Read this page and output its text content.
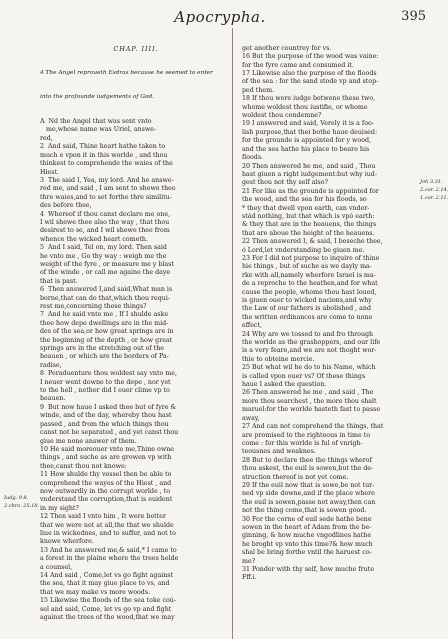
Apocrypha.	395

CHAP. IIII.

4 The Angel reproueth Esdras because he seemed to enter

into the profounde iudgements of God.

A  Nd the Angel that was sent vnto
me,whose name was Uriel, answe-
red,
2  And said, Thine heart hathe taken to
much e vpon it in this worlde , and thou
thinkest to comprehende the waies of the
Hiest.
3  The said I, Yea, my lord. And he answe-
red me, and said , I am sent to shewe thee
thre waies,and to set forthe thre similitu-
des before thee,
4  Whereof if thou canst declare me one,
I wil shewe thee also the way , that thou
desirest to se, and I wil shewe thee from
whence the wicked heart cometh.
5  And I said, Tel on, my lord. Then said
he vnto me , Go thy way : weigh me the
weight of the fyre , or measure me y blast
of the winde , or call me againe the daye
that is past.
6  Then answered I,and said,What man is
borne,that can do that,which thou requi-
rest me,concerning these things?
7  And he said vnto me , If I shulde aske
thee how depe dwellings are in the mid-
des of the sea,or how great springs are in
the beginning of the depth , or how great
springs are in the stretching out of the
heauen , or which are the borders of Pa-
radise,
8  Peraduenture thou woldest say vnto me,
I neuer went downe to the depe , nor yet
to the hell , nether did I euer clime vp to
heauen.
9  But now haue I asked thee but of fyre &
winde, and of the day, whereby thou hast
passed , and from the which things thou
canst not be separated , and yet canst thou
giue me none answer of them.
10 He said moreouer vnto me,Thine owne
things , and suche as are growen vp with
thee,canst thou not knowe:
11 How shulde thy vessel then be able to
comprehend the wayes of the Hiest , and
now outwardly in the corrupt worlde , to
vnderstand the corruption,that is euident
in my sight?
12 Then said I vnto him , It were better
that we were not at all,the that we shulde
liue in wickednes, and to suffer, and not to
knowe wherfore.
13 And he answered me,& said,* I came to
a forest in the plaine where the trees helde
a counsel,
14 And said , Come,let vs go fight against
the sea, that it may giue place to vs, and
that we may make vs more woods.
15 Likewise the floods of the sea toke coú-
sel and said, Come, let vs go vp and fight
against the trees of the wood,that we may

get another countrey for vs.
16 But the purpose of the wood was vaine:
for the fyre came and consumed it.
17 Likewise also the purpose of the floods
of the sea : for the sand stode vp and stop-
ped them.
18 If thou were iudge betwene these two,
whome woldest thou iustifie, or whome
woldest thou condemne?
19 I answered and said, Verely it is a foo-
lish purpose,that thei bothe haue deuised:
for the grounde is appointed for y wood,
and the sea hathe his place to beare his
floods.
20 Then answered he me, and said , Thou
hast giuen a right iudgement:but why iud-
gest thou not thy self also?
21 For like as the grounde is appointed for
the wood, and the sea for his floods, so
* they that dwell vpon earth, can vnder-
stád nothing, but that which is vpó earth:
& they that are in the heauens, the things
that are aboue the height of the heauens.
22 Then answered I, & said, I beseche thee,
ó Lord,let vnderstanding be giuen me.
23 For I did not purpose to inquire of thine
hie things , but of suche as we dayly ma-
rke with all,namely wherfore Israel is ma-
de a reproche to the heathen,and for what
cause the people, whome thou hast loued,
is giuen ouer to wicked nacions,and why
the Law of our fathers is abolished , and
the written ordinances are come to none
effect,
24 Why are we tossed to and fro through
the worlde as the grashoppers, and our life
is a very feare,and we are not thoght wor-
thie to obteine mercie.
25 But what wil he do to his Name, which
is called vpon ouer vs? Of these things
haue I asked the question.
26 Then answered he me , and said , The
more thou searchest , the more thou shalt
maruel:for the worlde hasteth fast to passe
away,
27 And can not comprehend the things, that
are promised to the righteous in time to
come : for this worlde is ful of vnrigh-
teousnes and weaknes.
28 But to declare thee the things wherof
thou askest, the euil is sowen,but the de-
struction thereof is not yet come.
29 If the euil now that is sowe,be not tur-
ned vp side downe,and if the place where
the euil is sowen,passe not away,then can
not the thing come,that is sowen good.
30 For the corne of euil sede hathe bene
sowen in the heart of Adam from the be-
ginning, & how muche vngodlines hathe
he broght vp vnto this time?& how much
shal be bring forthe vntil the haruest co-
me?
31 Ponder with thy self, how muche frute
Fff.i.

Iudg. 9.8.
2.chro. 25.18.
Joh 3.31.
2.cor. 2.14.
1.cor. 2.11.
